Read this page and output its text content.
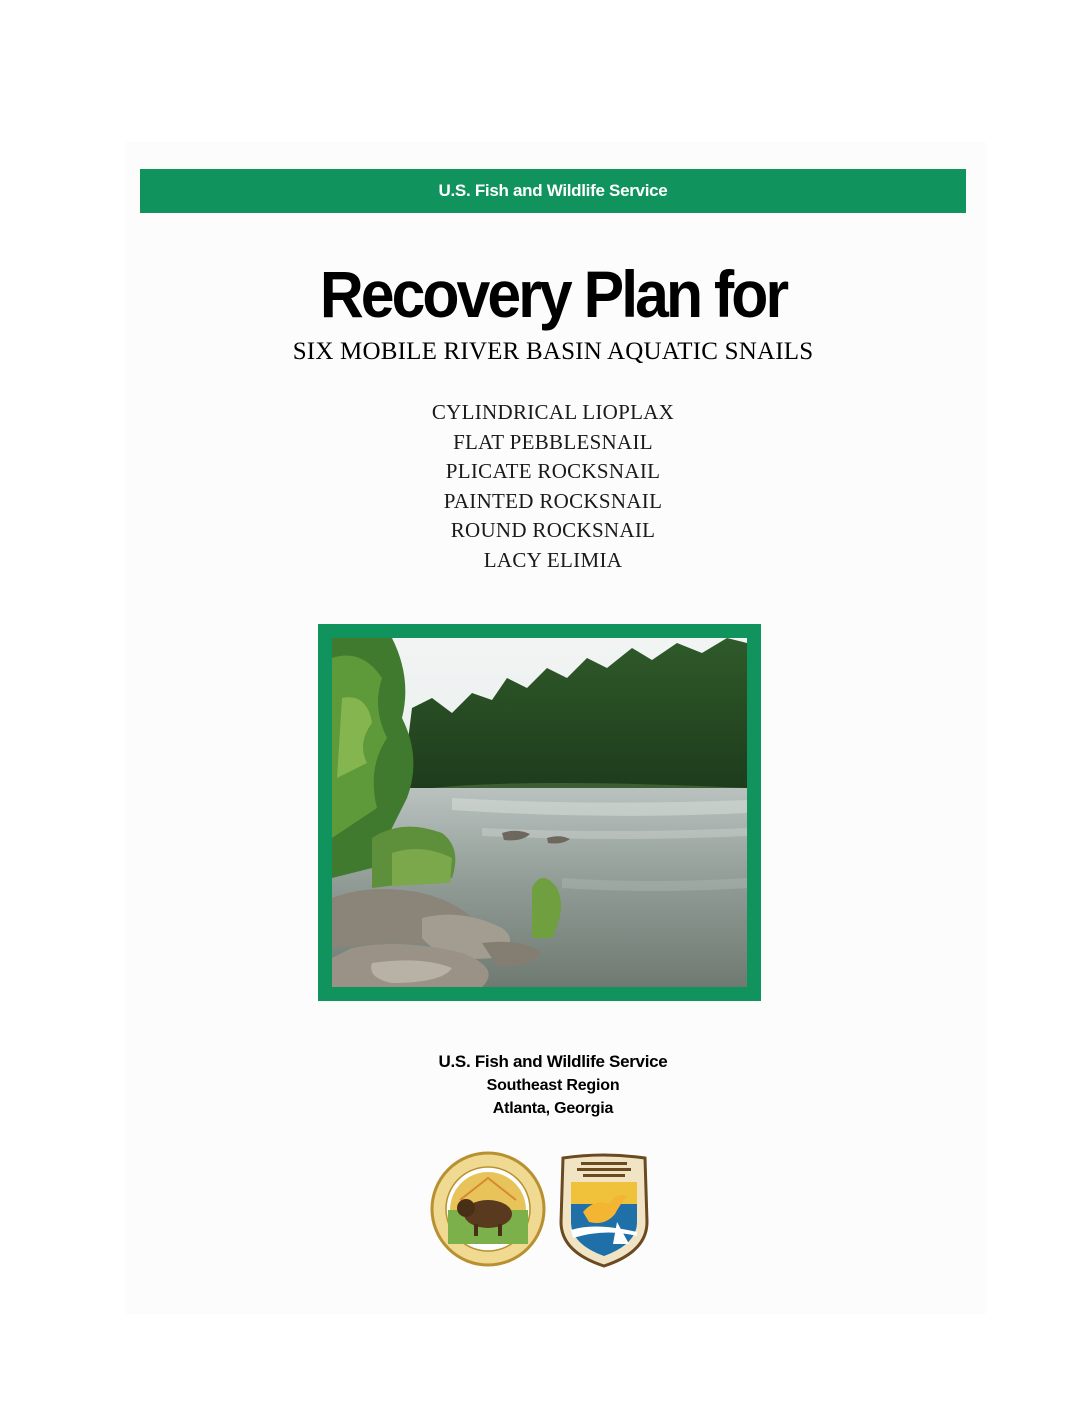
U.S. Fish and Wildlife Service
Recovery Plan for
SIX MOBILE RIVER BASIN AQUATIC SNAILS
CYLINDRICAL LIOPLAX
FLAT PEBBLESNAIL
PLICATE ROCKSNAIL
PAINTED ROCKSNAIL
ROUND ROCKSNAIL
LACY ELIMIA
U.S. Fish and Wildlife Service
Southeast Region
Atlanta, Georgia
